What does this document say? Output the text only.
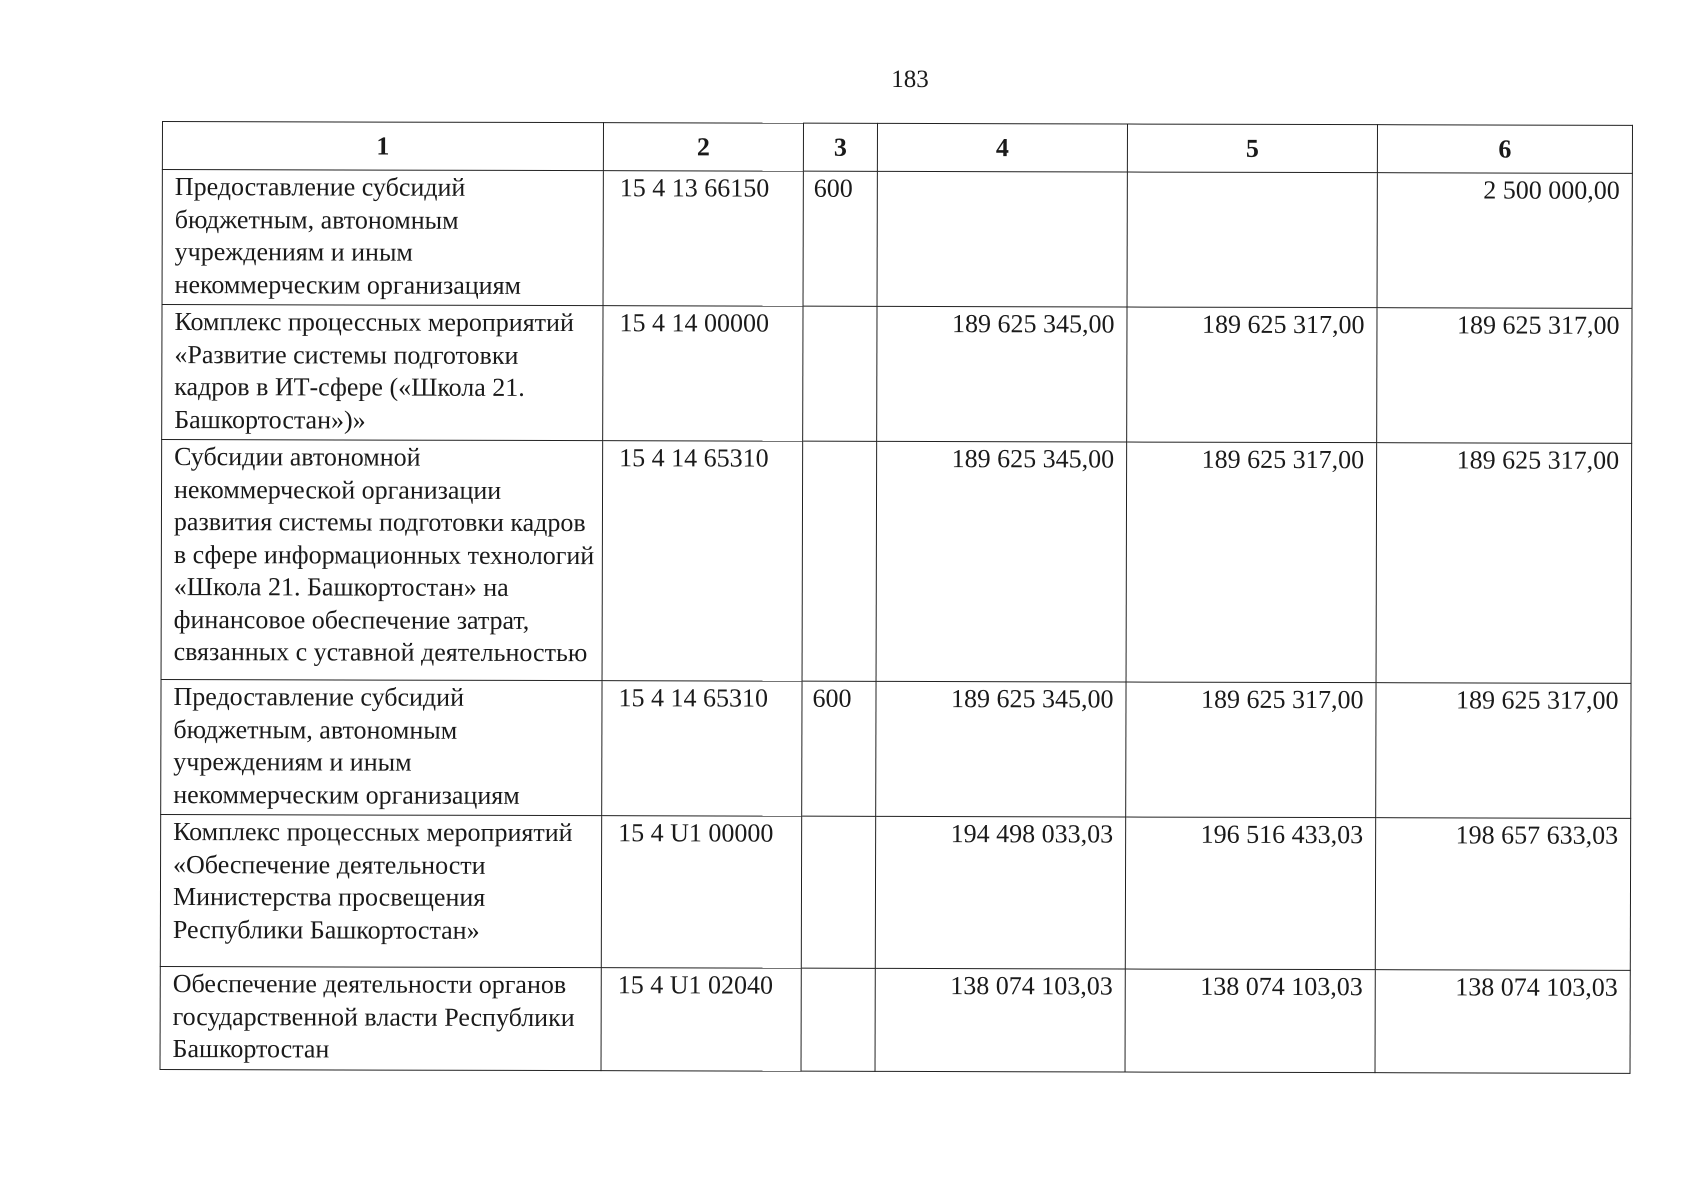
183
1	2	3	4	5	6
Предоставление субсидий бюджетным, автономным учреждениям и иным некоммерческим организациям	15 4 13 66150	600			2 500 000,00
Комплекс процессных мероприятий «Развитие системы подготовки кадров в ИТ-сфере («Школа 21. Башкортостан»)»	15 4 14 00000		189 625 345,00	189 625 317,00	189 625 317,00
Субсидии автономной некоммерческой организации развития системы подготовки кадров в сфере информационных технологий «Школа 21. Башкортостан» на финансовое обеспечение затрат, связанных с уставной деятельностью	15 4 14 65310		189 625 345,00	189 625 317,00	189 625 317,00
Предоставление субсидий бюджетным, автономным учреждениям и иным некоммерческим организациям	15 4 14 65310	600	189 625 345,00	189 625 317,00	189 625 317,00
Комплекс процессных мероприятий «Обеспечение деятельности Министерства просвещения Республики Башкортостан»	15 4 U1 00000		194 498 033,03	196 516 433,03	198 657 633,03
Обеспечение деятельности органов государственной власти Республики Башкортостан	15 4 U1 02040		138 074 103,03	138 074 103,03	138 074 103,03
